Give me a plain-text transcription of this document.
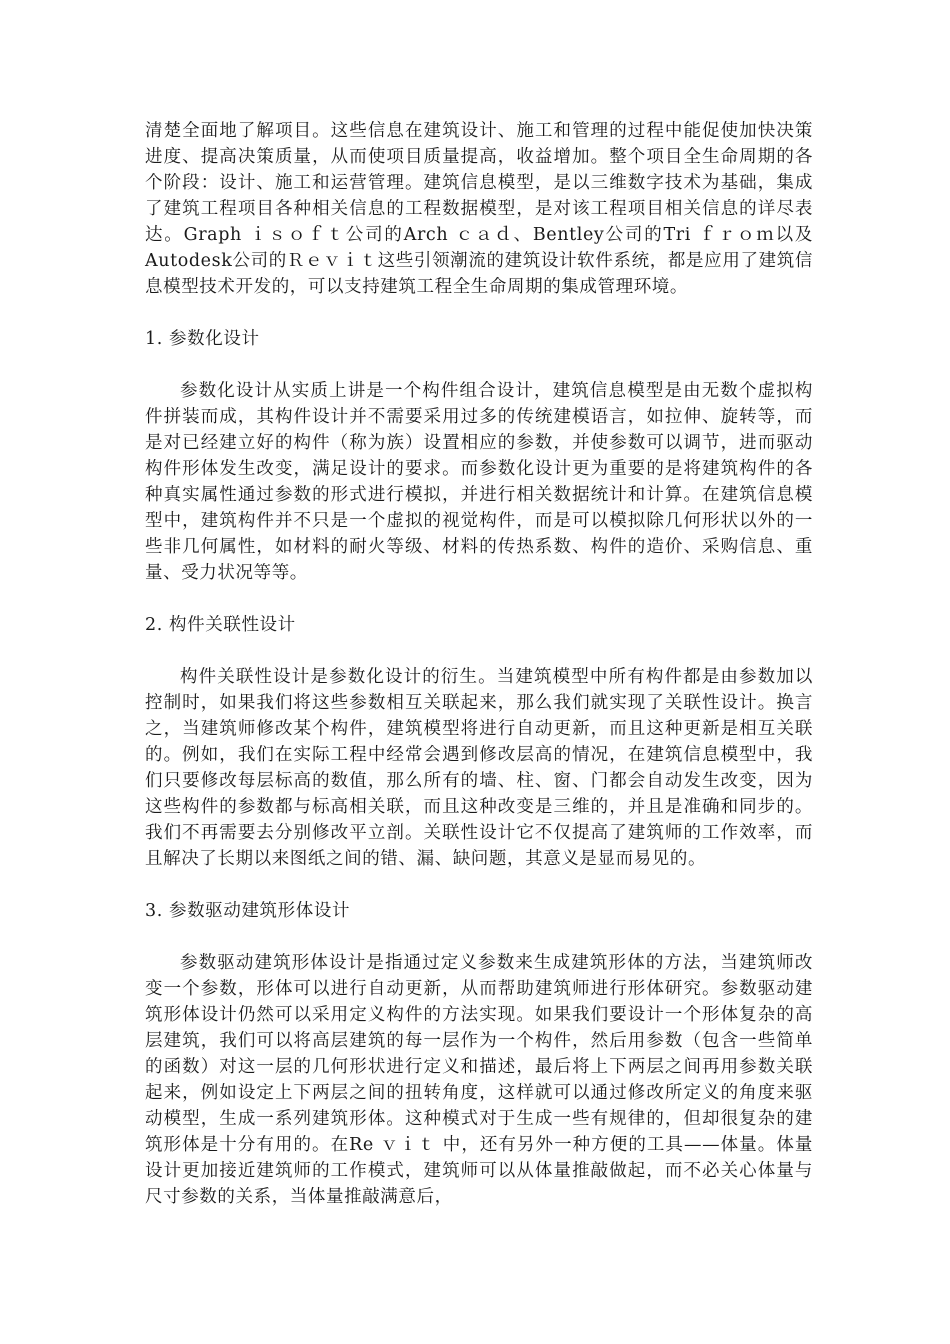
清楚全面地了解项目。这些信息在建筑设计、施工和管理的过程中能促使加快决策进度、提高决策质量，从而使项目质量提高，收益增加。整个项目全生命周期的各个阶段：设计、施工和运营管理。建筑信息模型，是以三维数字技术为基础，集成了建筑工程项目各种相关信息的工程数据模型，是对该工程项目相关信息的详尽表达。Graph ｉｓｏｆｔ公司的Arch ｃａｄ、Bentley公司的Tri ｆｒｏｍ以及Autodesk公司的Ｒｅｖｉｔ这些引领潮流的建筑设计软件系统，都是应用了建筑信息模型技术开发的，可以支持建筑工程全生命周期的集成管理环境。

1. 参数化设计

参数化设计从实质上讲是一个构件组合设计，建筑信息模型是由无数个虚拟构件拼装而成，其构件设计并不需要采用过多的传统建模语言，如拉伸、旋转等，而是对已经建立好的构件（称为族）设置相应的参数，并使参数可以调节，进而驱动构件形体发生改变，满足设计的要求。而参数化设计更为重要的是将建筑构件的各种真实属性通过参数的形式进行模拟，并进行相关数据统计和计算。在建筑信息模型中，建筑构件并不只是一个虚拟的视觉构件，而是可以模拟除几何形状以外的一些非几何属性，如材料的耐火等级、材料的传热系数、构件的造价、采购信息、重量、受力状况等等。

2. 构件关联性设计

构件关联性设计是参数化设计的衍生。当建筑模型中所有构件都是由参数加以控制时，如果我们将这些参数相互关联起来，那么我们就实现了关联性设计。换言之，当建筑师修改某个构件，建筑模型将进行自动更新，而且这种更新是相互关联的。例如，我们在实际工程中经常会遇到修改层高的情况，在建筑信息模型中，我们只要修改每层标高的数值，那么所有的墙、柱、窗、门都会自动发生改变，因为这些构件的参数都与标高相关联，而且这种改变是三维的，并且是准确和同步的。我们不再需要去分别修改平立剖。关联性设计它不仅提高了建筑师的工作效率，而且解决了长期以来图纸之间的错、漏、缺问题，其意义是显而易见的。

3. 参数驱动建筑形体设计

参数驱动建筑形体设计是指通过定义参数来生成建筑形体的方法，当建筑师改变一个参数，形体可以进行自动更新，从而帮助建筑师进行形体研究。参数驱动建筑形体设计仍然可以采用定义构件的方法实现。如果我们要设计一个形体复杂的高层建筑，我们可以将高层建筑的每一层作为一个构件，然后用参数（包含一些简单的函数）对这一层的几何形状进行定义和描述，最后将上下两层之间再用参数关联起来，例如设定上下两层之间的扭转角度，这样就可以通过修改所定义的角度来驱动模型，生成一系列建筑形体。这种模式对于生成一些有规律的，但却很复杂的建筑形体是十分有用的。在Re ｖｉｔ 中，还有另外一种方便的工具——体量。体量设计更加接近建筑师的工作模式，建筑师可以从体量推敲做起，而不必关心体量与尺寸参数的关系，当体量推敲满意后，
